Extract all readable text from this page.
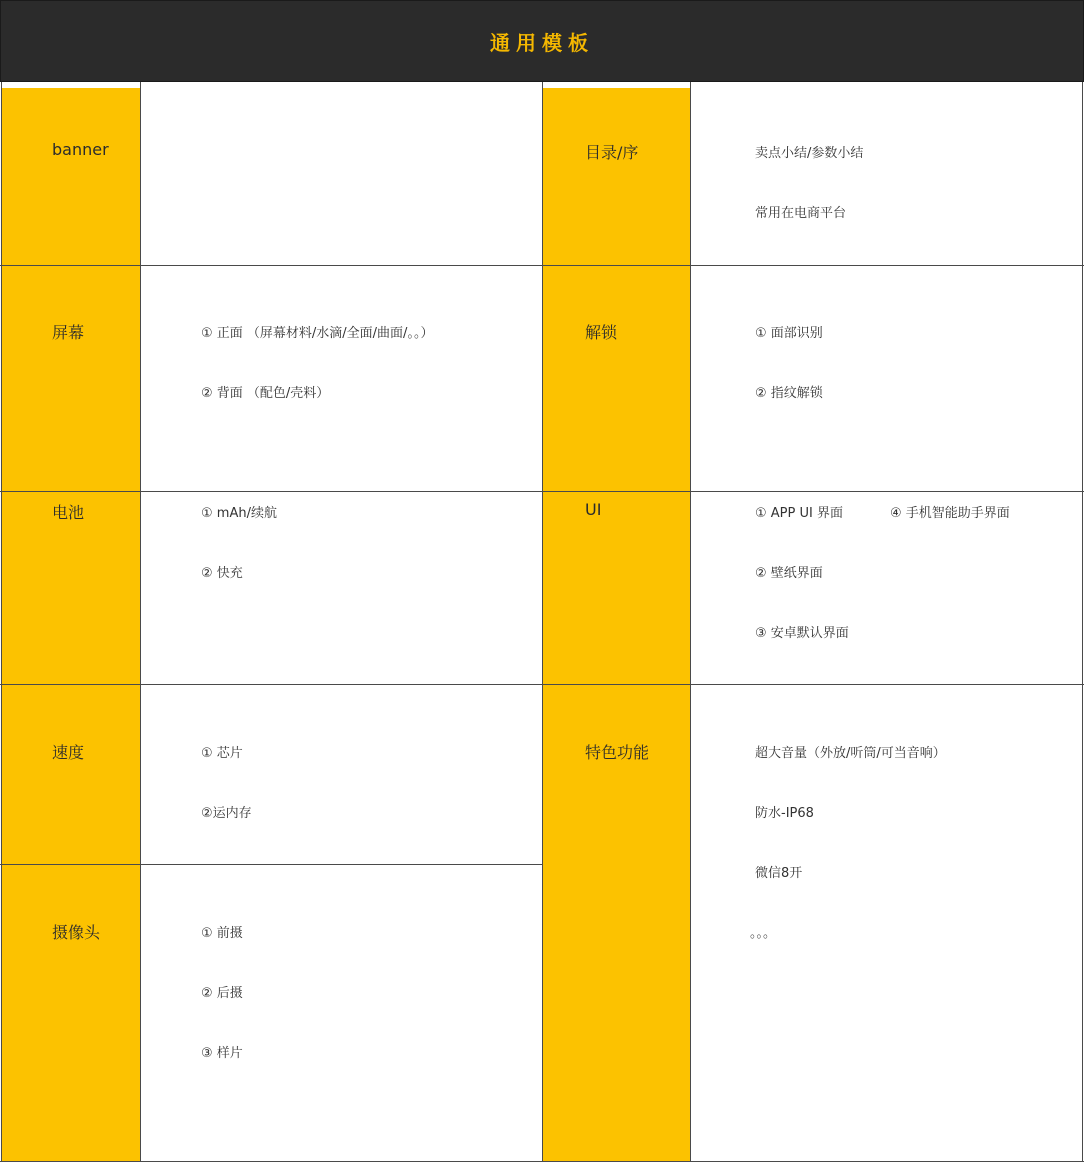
通用模板
banner
屏幕	① 正面 （屏幕材料/水滴/全面/曲面/。。）
② 背面 （配色/壳料）
电池	① mAh/续航
② 快充
速度	① 芯片
②运内存
摄像头	① 前摄
② 后摄
③ 样片
目录/序	卖点小结/参数小结
常用在电商平台
解锁	① 面部识别
② 指纹解锁
UI	① APP UI 界面	④ 手机智能助手界面
② 壁纸界面
③ 安卓默认界面
特色功能	超大音量（外放/听筒/可当音响）
防水-IP68
微信8开
。。。
